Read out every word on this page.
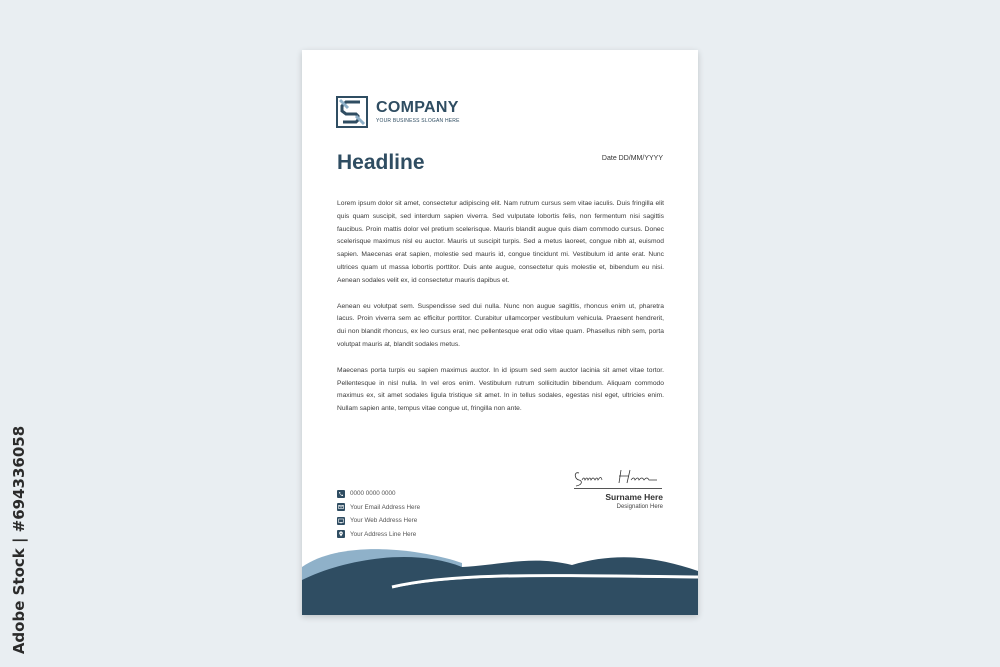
Adobe Stock | #694336058
COMPANY
YOUR BUSINESS SLOGAN HERE
Headline	Date DD/MM/YYYY

Lorem ipsum dolor sit amet, consectetur adipiscing elit. Nam rutrum cursus sem vitae iaculis. Duis fringilla elit quis quam suscipit, sed interdum sapien viverra. Sed vulputate lobortis felis, non fermentum nisi sagittis faucibus. Proin mattis dolor vel pretium scelerisque. Mauris blandit augue quis diam commodo cursus. Donec scelerisque maximus nisl eu auctor. Mauris ut suscipit turpis. Sed a metus laoreet, congue nibh at, euismod sapien. Maecenas erat sapien, molestie sed mauris id, congue tincidunt mi. Vestibulum id ante erat. Nunc ultrices quam ut massa lobortis porttitor. Duis ante augue, consectetur quis molestie et, bibendum eu nisi. Aenean sodales velit ex, id consectetur mauris dapibus et.

Aenean eu volutpat sem. Suspendisse sed dui nulla. Nunc non augue sagittis, rhoncus enim ut, pharetra lacus. Proin viverra sem ac efficitur porttitor. Curabitur ullamcorper vestibulum vehicula. Praesent hendrerit, dui non blandit rhoncus, ex leo cursus erat, nec pellentesque erat odio vitae quam. Phasellus nibh sem, porta volutpat mauris at, blandit sodales metus.

Maecenas porta turpis eu sapien maximus auctor. In id ipsum sed sem auctor lacinia sit amet vitae tortor. Pellentesque in nisl nulla. In vel eros enim. Vestibulum rutrum sollicitudin bibendum. Aliquam commodo maximus ex, sit amet sodales ligula tristique sit amet. In in tellus sodales, egestas nisl eget, ultricies enim. Nullam sapien ante, tempus vitae congue ut, fringilla non ante.

0000 0000 0000
Your Email Address Here
Your Web Address Here
Your Address Line Here
Surname Here
Designation Here
